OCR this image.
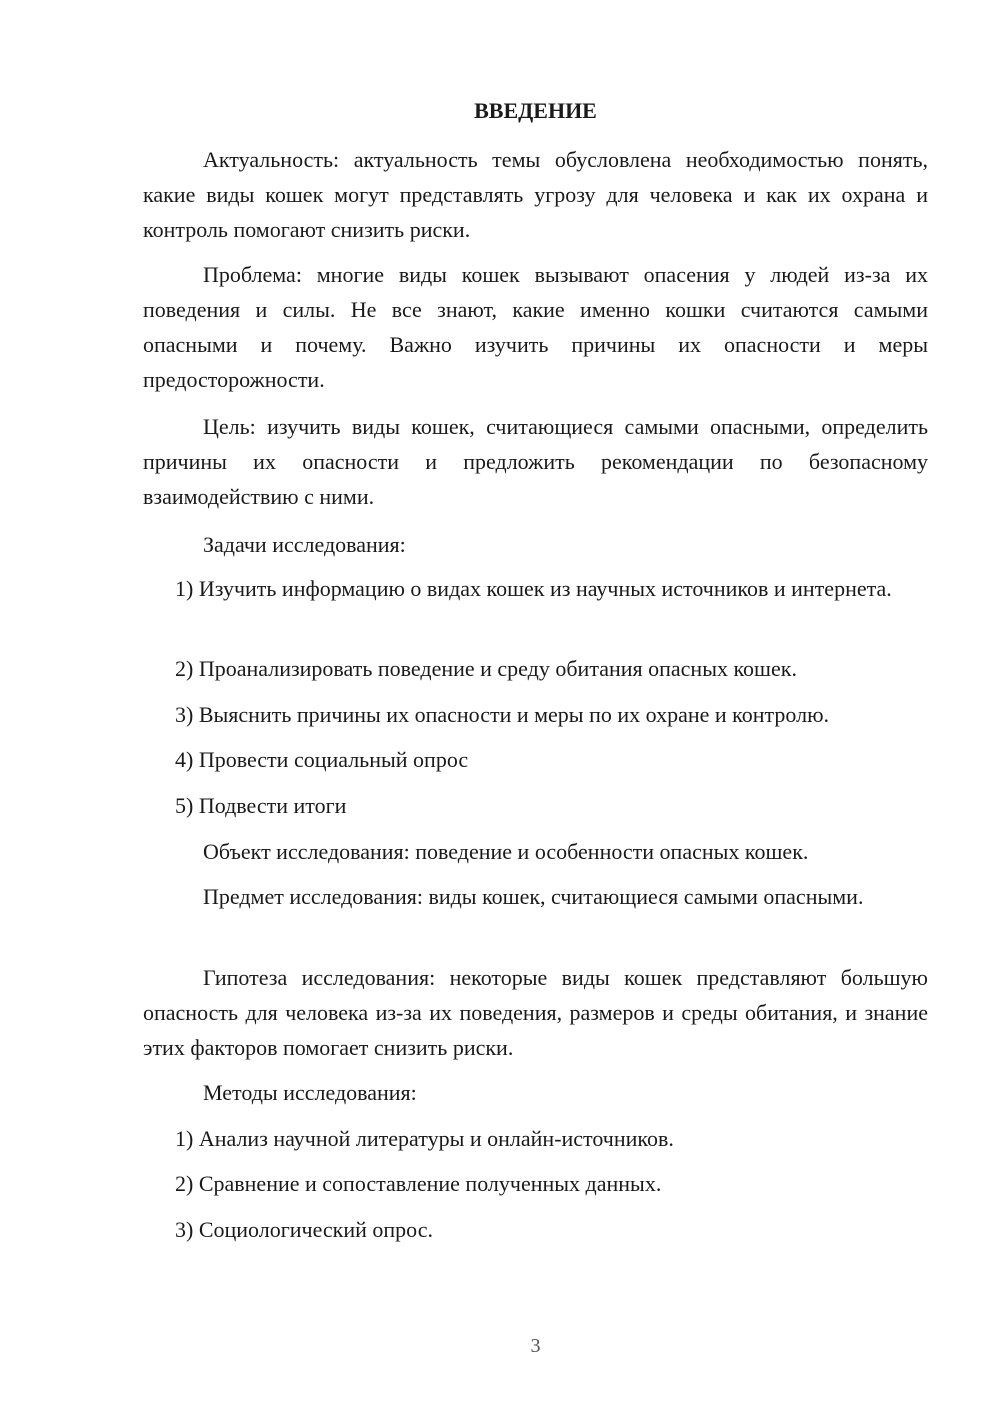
ВВЕДЕНИЕ

Актуальность: актуальность темы обусловлена необходимостью понять, какие виды кошек могут представлять угрозу для человека и как их охрана и контроль помогают снизить риски.

Проблема: многие виды кошек вызывают опасения у людей из-за их поведения и силы. Не все знают, какие именно кошки считаются самыми опасными и почему. Важно изучить причины их опасности и меры предосторожности.

Цель: изучить виды кошек, считающиеся самыми опасными, определить причины их опасности и предложить рекомендации по безопасному взаимодействию с ними.

Задачи исследования:

1) Изучить информацию о видах кошек из научных источников и интернета.

2) Проанализировать поведение и среду обитания опасных кошек.

3) Выяснить причины их опасности и меры по их охране и контролю.

4) Провести социальный опрос

5) Подвести итоги

Объект исследования: поведение и особенности опасных кошек.

Предмет исследования: виды кошек, считающиеся самыми опасными.

Гипотеза исследования: некоторые виды кошек представляют большую опасность для человека из-за их поведения, размеров и среды обитания, и знание этих факторов помогает снизить риски.

Методы исследования:

1) Анализ научной литературы и онлайн-источников.

2) Сравнение и сопоставление полученных данных.

3) Социологический опрос.

3
